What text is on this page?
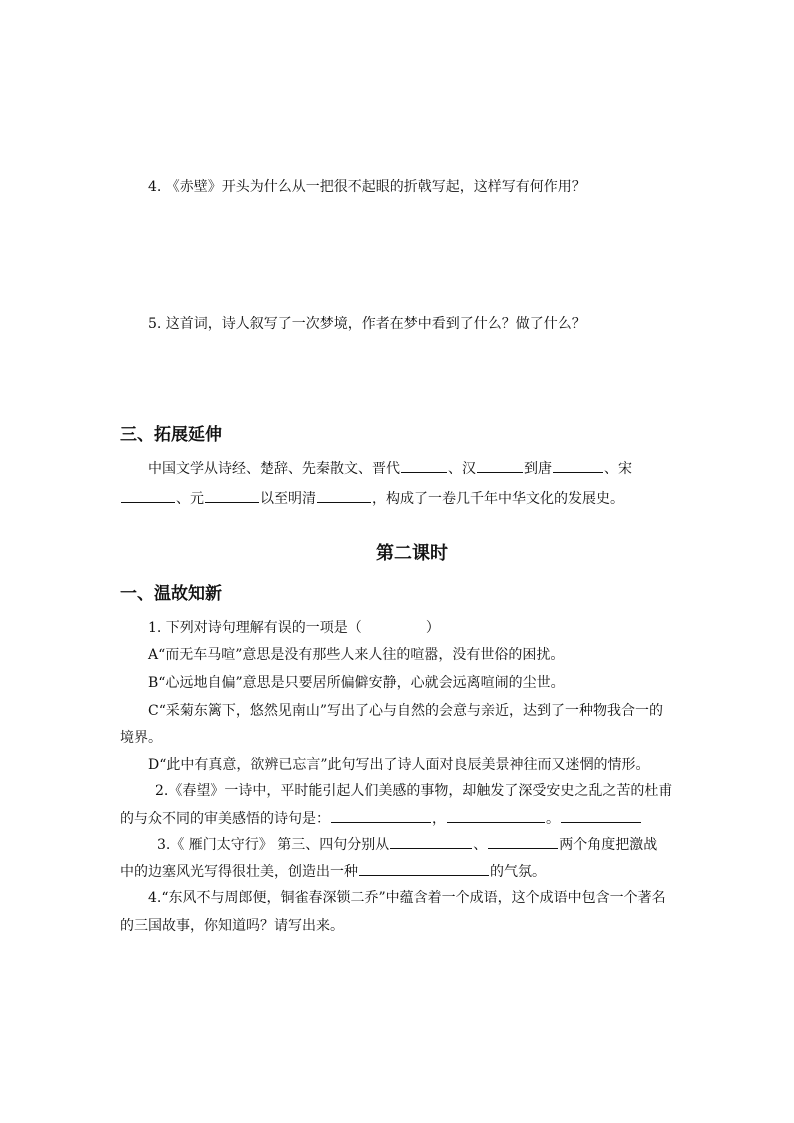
4. 《赤壁》开头为什么从一把很不起眼的折戟写起，这样写有何作用？
5. 这首词，诗人叙写了一次梦境，作者在梦中看到了什么？做了什么？
三、拓展延伸
中国文学从诗经、楚辞、先秦散文、晋代	、汉	到唐	、宋
、元	以至明清	，构成了一卷几千年中华文化的发展史。
第二课时
一、温故知新
1. 下列对诗句理解有误的一项是（	）
A“而无车马喧”意思是没有那些人来人往的喧嚣，没有世俗的困扰。
B“心远地自偏”意思是只要居所偏僻安静，心就会远离喧闹的尘世。
C“采菊东篱下，悠然见南山”写出了心与自然的会意与亲近，达到了一种物我合一的
境界。
D“此中有真意，欲辨已忘言”此句写出了诗人面对良辰美景神往而又迷惘的情形。
2.《春望》一诗中，平时能引起人们美感的事物，却触发了深受安史之乱之苦的杜甫
的与众不同的审美感悟的诗句是：	，	。
3.《 雁门太守行》 第三、四句分别从	、	两个角度把激战
中的边塞风光写得很壮美，创造出一种	的气氛。
4.“东风不与周郎便，铜雀春深锁二乔”中蕴含着一个成语，这个成语中包含一个著名
的三国故事，你知道吗？请写出来。
